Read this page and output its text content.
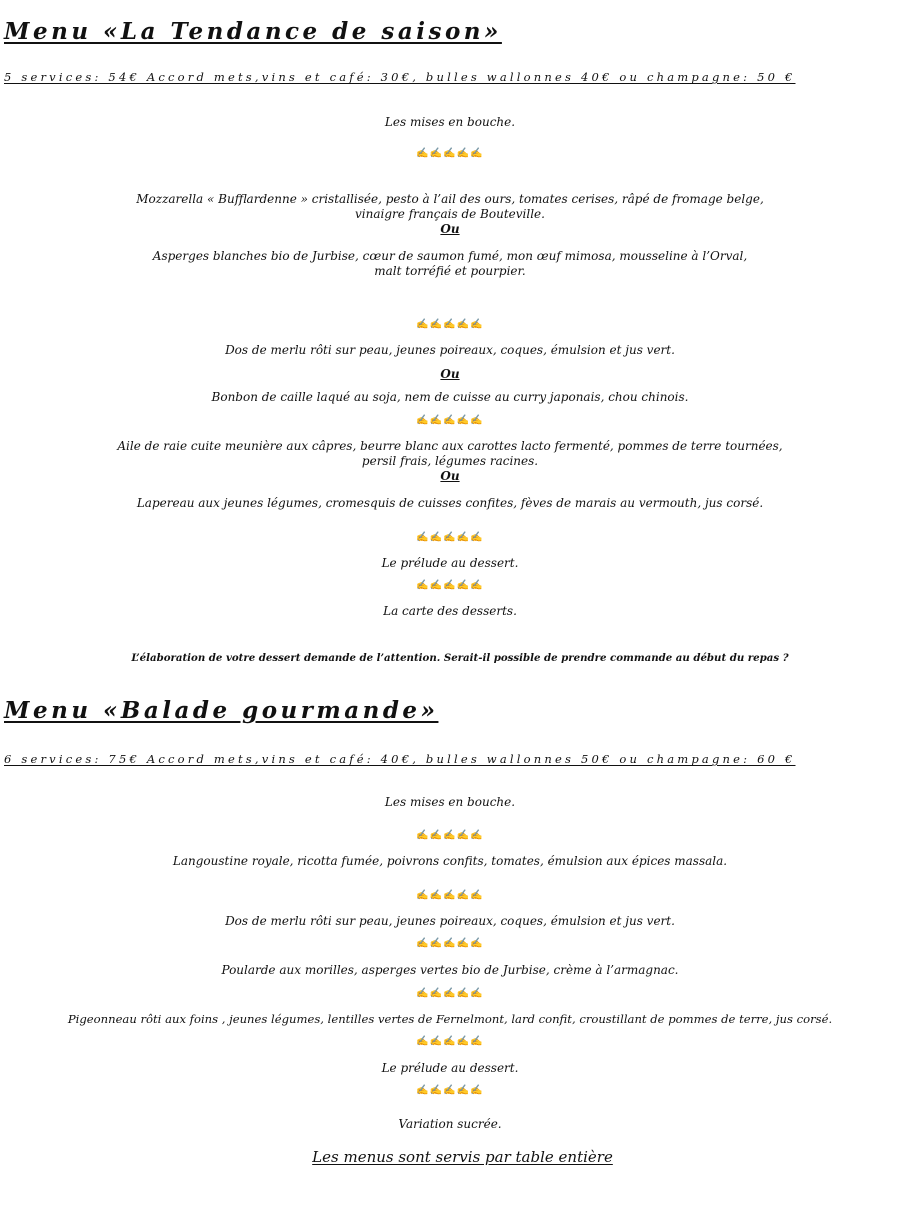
Menu «La Tendance de saison»
5 services: 54€ Accord mets,vins et café: 30€, bulles wallonnes 40€ ou champagne: 50 €
Les mises en bouche.
✍✍✍✍✍
Mozzarella « Bufflardenne » cristallisée, pesto à l’ail des ours, tomates cerises, râpé de fromage belge,
vinaigre français de Bouteville.
Ou
Asperges blanches bio de Jurbise, cœur de saumon fumé, mon œuf mimosa, mousseline à l’Orval,
malt torréfié et pourpier.
✍✍✍✍✍
Dos de merlu rôti sur peau, jeunes poireaux, coques, émulsion et jus vert.
Ou
Bonbon de caille laqué au soja, nem de cuisse au curry japonais, chou chinois.
✍✍✍✍✍
Aile de raie cuite meunière aux câpres, beurre blanc aux carottes lacto fermenté, pommes de terre tournées,
persil frais, légumes racines.
Ou
Lapereau aux jeunes légumes, cromesquis de cuisses confites, fèves de marais au vermouth, jus corsé.
✍✍✍✍✍
Le prélude au dessert.
✍✍✍✍✍
La carte des desserts.
L’élaboration de votre dessert demande de l’attention. Serait-il possible de prendre commande au début du repas ?
Menu «Balade gourmande»
6 services: 75€ Accord mets,vins et café: 40€, bulles wallonnes 50€ ou champagne: 60 €
Les mises en bouche.
✍✍✍✍✍
Langoustine royale, ricotta fumée, poivrons confits, tomates, émulsion aux épices massala.
✍✍✍✍✍
Dos de merlu rôti sur peau, jeunes poireaux, coques, émulsion et jus vert.
✍✍✍✍✍
Poularde aux morilles, asperges vertes bio de Jurbise, crème à l’armagnac.
✍✍✍✍✍
Pigeonneau rôti aux foins , jeunes légumes, lentilles vertes de Fernelmont, lard confit, croustillant de pommes de terre, jus corsé.
✍✍✍✍✍
Le prélude au dessert.
✍✍✍✍✍
Variation sucrée.
Les menus sont servis par table entière
